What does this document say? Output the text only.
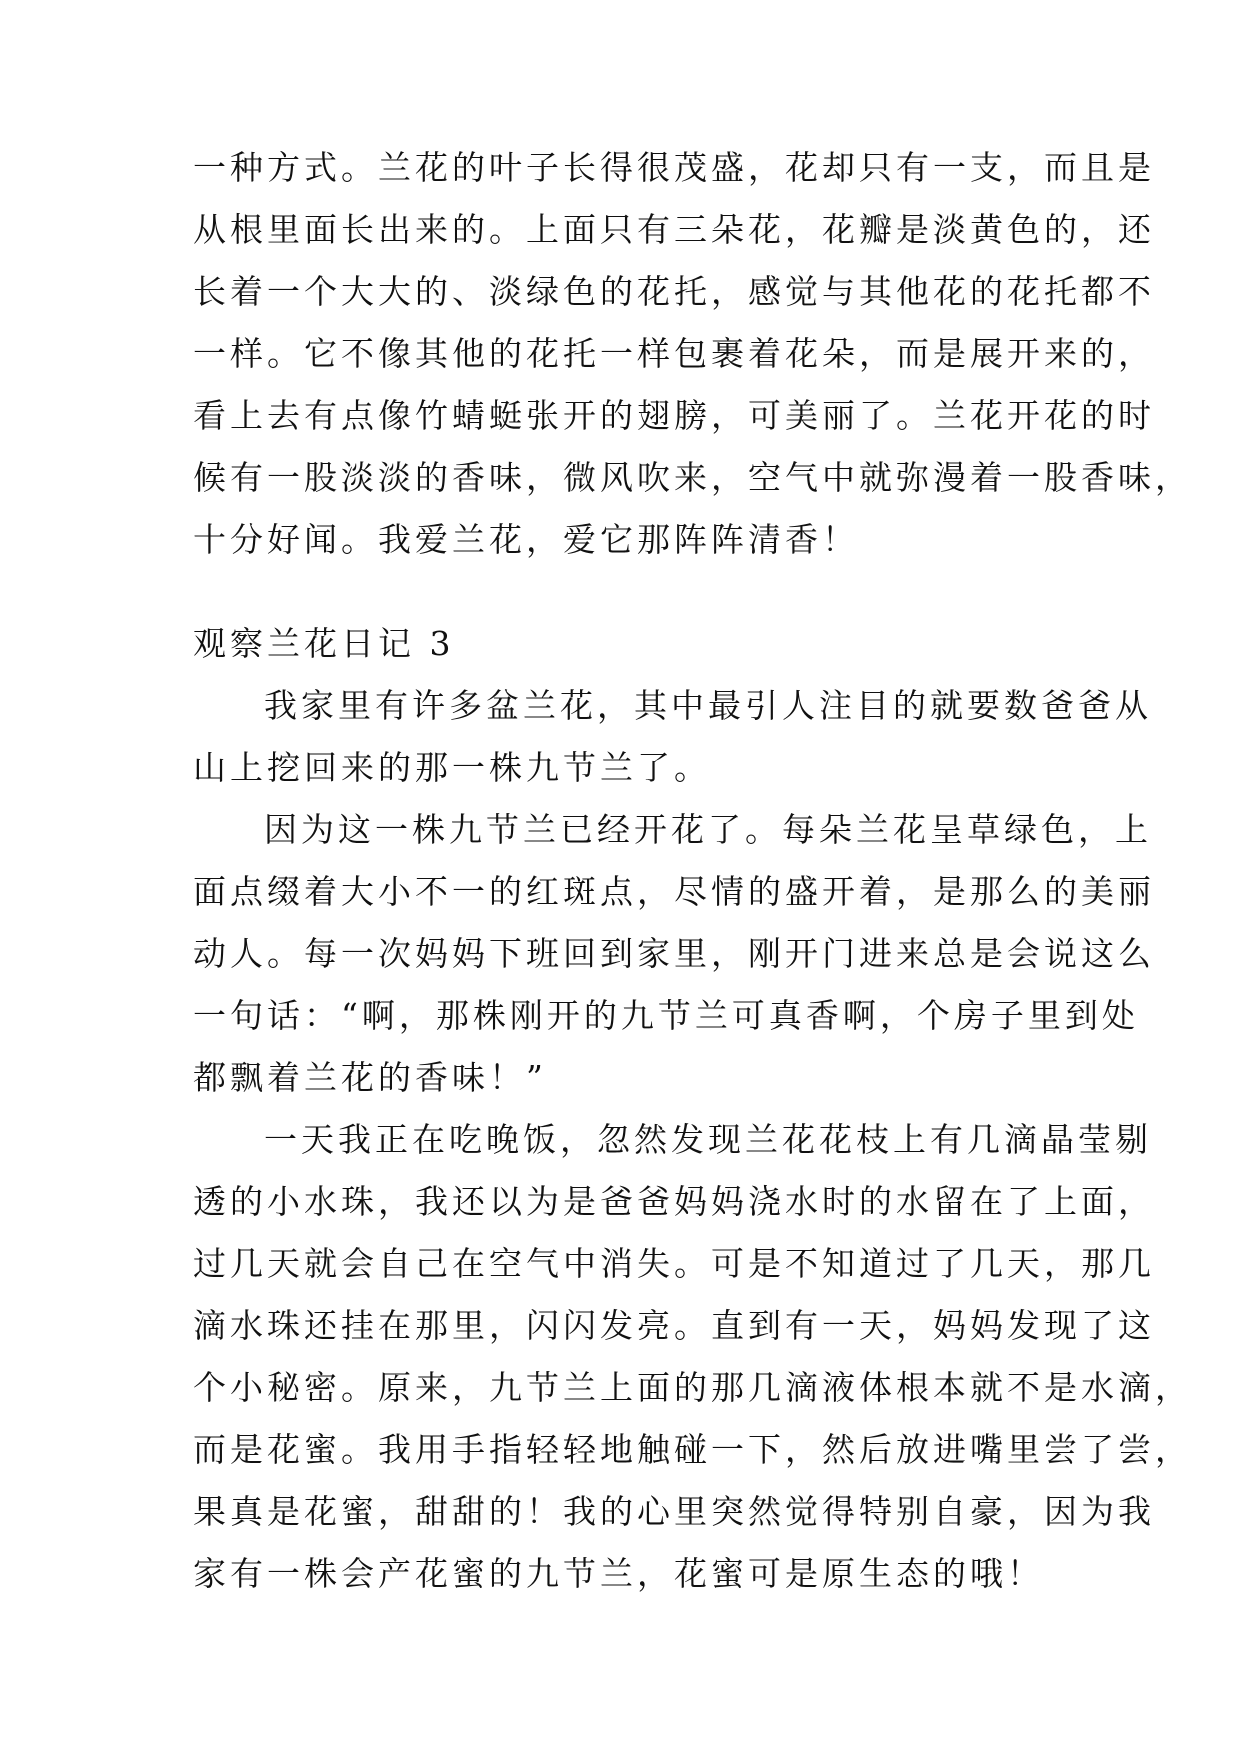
一种方式。兰花的叶子长得很茂盛，花却只有一支，而且是
从根里面长出来的。上面只有三朵花，花瓣是淡黄色的，还
长着一个大大的、淡绿色的花托，感觉与其他花的花托都不
一样。它不像其他的花托一样包裹着花朵，而是展开来的，
看上去有点像竹蜻蜓张开的翅膀，可美丽了。兰花开花的时
候有一股淡淡的香味，微风吹来，空气中就弥漫着一股香味，
十分好闻。我爱兰花，爱它那阵阵清香！
观察兰花日记 3
我家里有许多盆兰花，其中最引人注目的就要数爸爸从
山上挖回来的那一株九节兰了。
因为这一株九节兰已经开花了。每朵兰花呈草绿色，上
面点缀着大小不一的红斑点，尽情的盛开着，是那么的美丽
动人。每一次妈妈下班回到家里，刚开门进来总是会说这么
一句话：“啊，那株刚开的九节兰可真香啊，个房子里到处
都飘着兰花的香味！”
一天我正在吃晚饭，忽然发现兰花花枝上有几滴晶莹剔
透的小水珠，我还以为是爸爸妈妈浇水时的水留在了上面，
过几天就会自己在空气中消失。可是不知道过了几天，那几
滴水珠还挂在那里，闪闪发亮。直到有一天，妈妈发现了这
个小秘密。原来，九节兰上面的那几滴液体根本就不是水滴，
而是花蜜。我用手指轻轻地触碰一下，然后放进嘴里尝了尝，
果真是花蜜，甜甜的！我的心里突然觉得特别自豪，因为我
家有一株会产花蜜的九节兰，花蜜可是原生态的哦！
